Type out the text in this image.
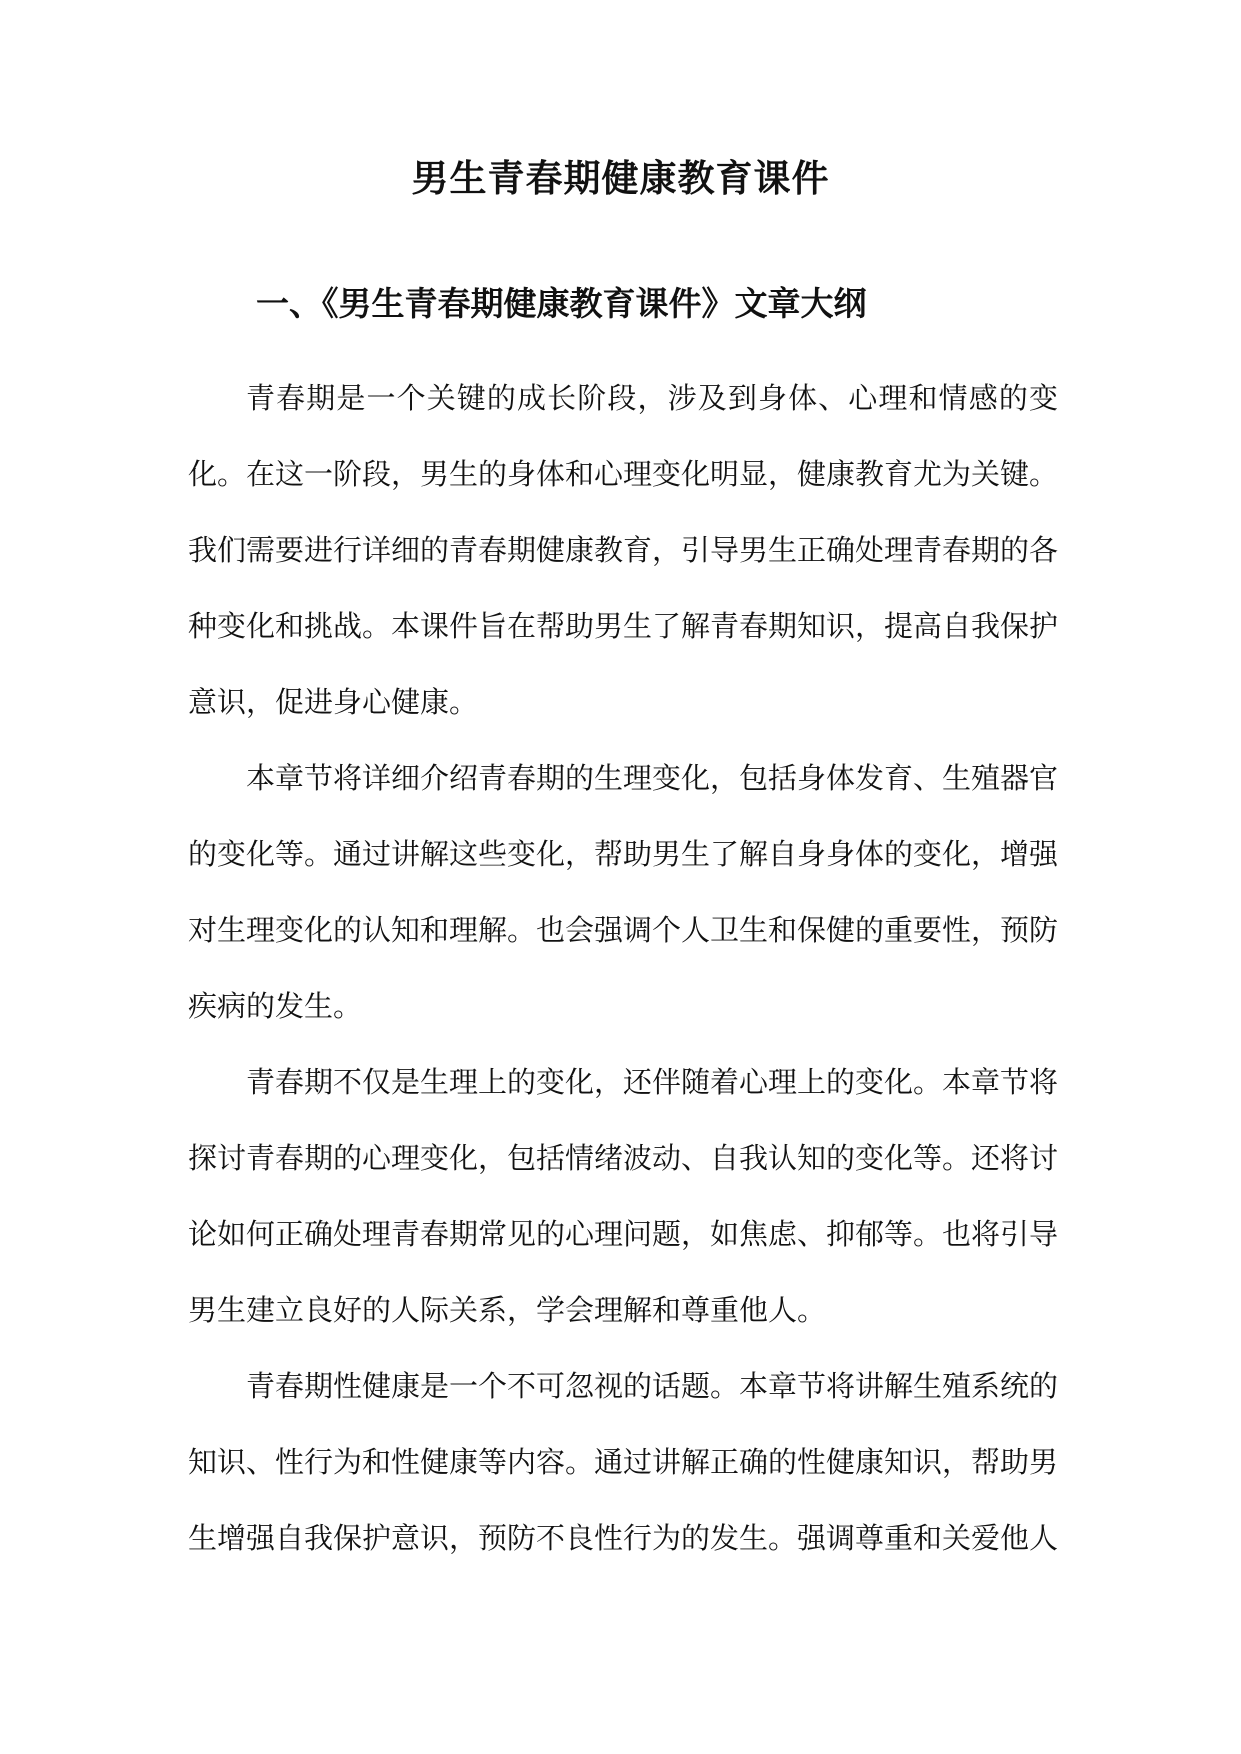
男生青春期健康教育课件
一、《男生青春期健康教育课件》文章大纲

青春期是一个关键的成长阶段，涉及到身体、心理和情感的变化。在这一阶段，男生的身体和心理变化明显，健康教育尤为关键。我们需要进行详细的青春期健康教育，引导男生正确处理青春期的各种变化和挑战。本课件旨在帮助男生了解青春期知识，提高自我保护意识，促进身心健康。

本章节将详细介绍青春期的生理变化，包括身体发育、生殖器官的变化等。通过讲解这些变化，帮助男生了解自身身体的变化，增强对生理变化的认知和理解。也会强调个人卫生和保健的重要性，预防疾病的发生。

青春期不仅是生理上的变化，还伴随着心理上的变化。本章节将探讨青春期的心理变化，包括情绪波动、自我认知的变化等。还将讨论如何正确处理青春期常见的心理问题，如焦虑、抑郁等。也将引导男生建立良好的人际关系，学会理解和尊重他人。

青春期性健康是一个不可忽视的话题。本章节将讲解生殖系统的知识、性行为和性健康等内容。通过讲解正确的性健康知识，帮助男生增强自我保护意识，预防不良性行为的发生。强调尊重和关爱他人
